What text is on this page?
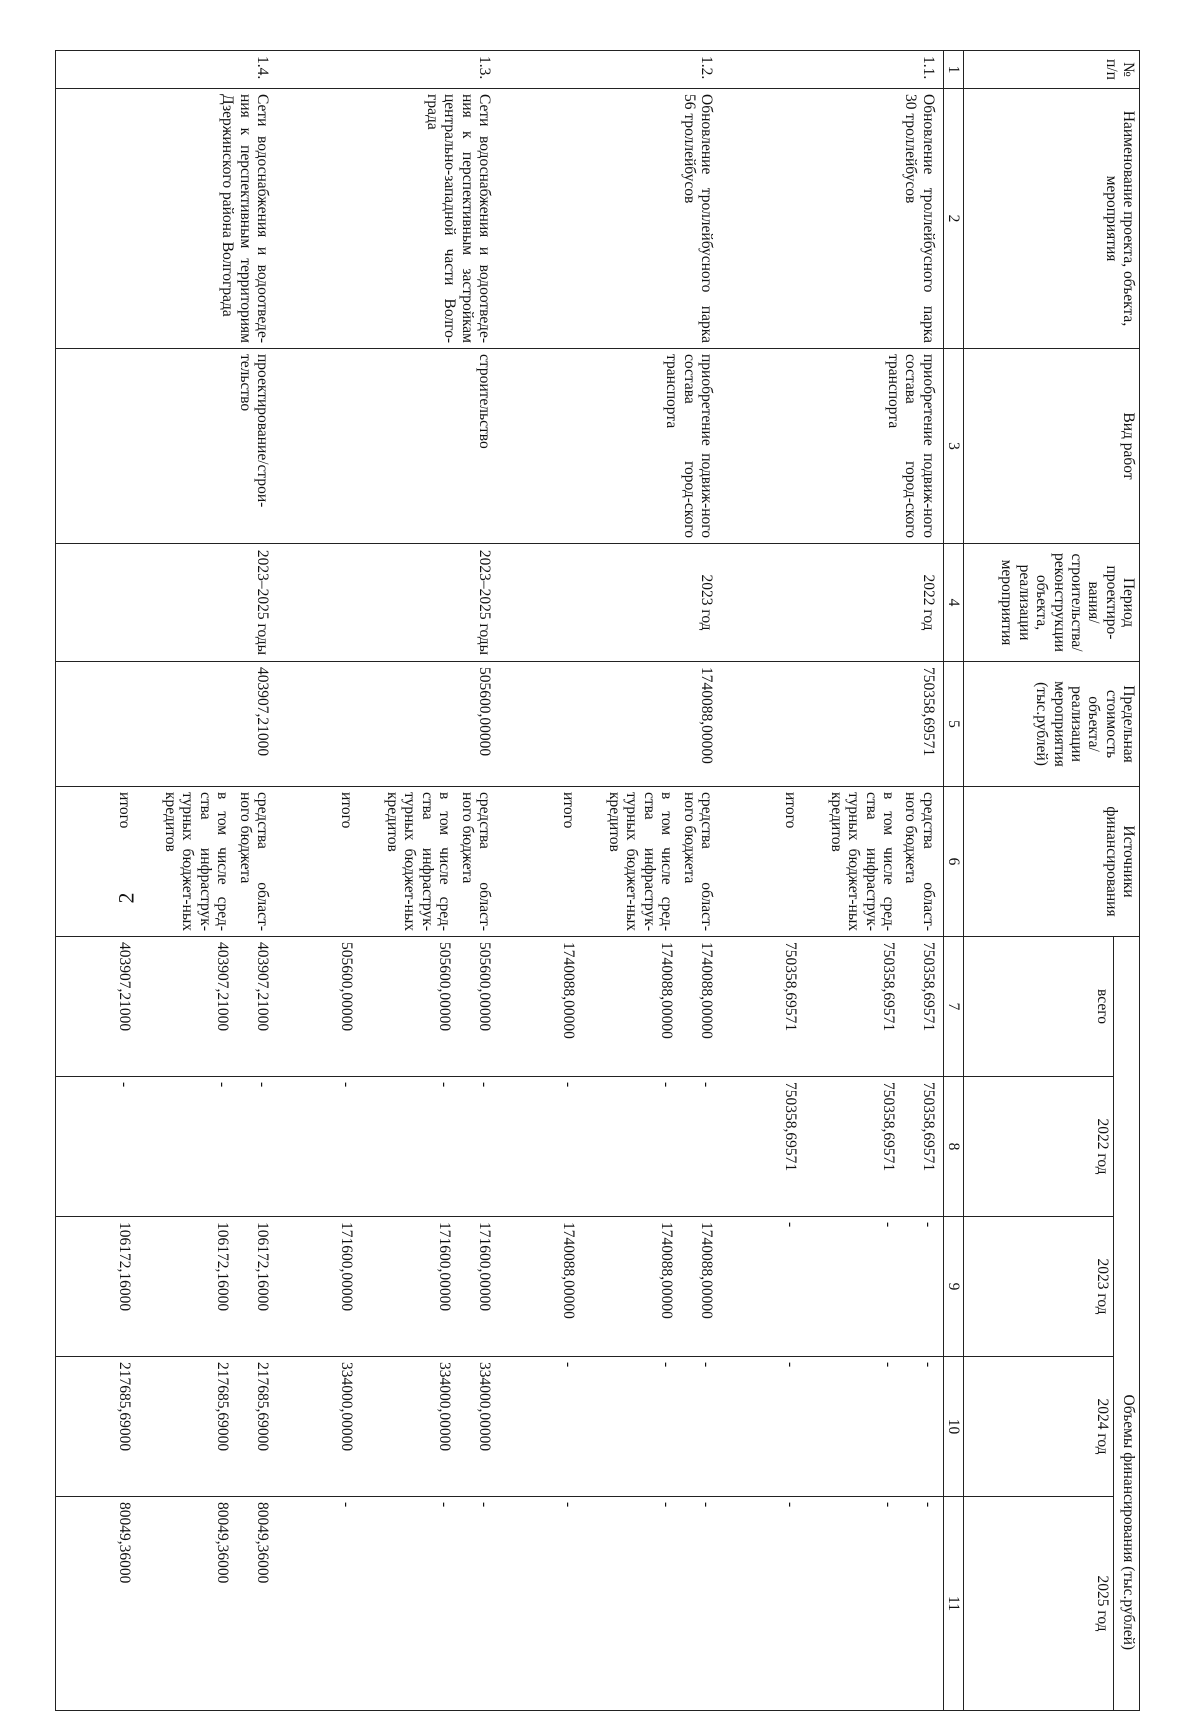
2
№ п/п	Наименование проекта, объекта, мероприятия	Вид работ	Период проектиро- вания/ строительства/ реконструкции объекта, реализации мероприятия	Предельная стоимость объекта/ реализации мероприятия (тыс.рублей)	Источники финансирования	Объемы финансирования (тыс.рублей)				
						всего	2022 год	2023 год	2024 год	2025 год
1	2	3	4	5	6	7	8	9	10	11
1.1.	Обновление троллейбусного парка 30 троллейбусов	приобретение подвиж-ного состава город-ского транспорта	2022 год	750358,69571	средства област-ного бюджета	750358,69571	750358,69571	-	-	-
					в том числе сред-ства инфраструк-турных бюджет-ных кредитов	750358,69571	750358,69571	-	-	-
					итого	750358,69571	750358,69571	-	-	-
1.2.	Обновление троллейбусного парка 56 троллейбусов	приобретение подвиж-ного состава город-ского транспорта	2023 год	1740088,00000	средства област-ного бюджета	1740088,00000	-	1740088,00000	-	-
					в том числе сред-ства инфраструк-турных бюджет-ных кредитов	1740088,00000	-	1740088,00000	-	-
					итого	1740088,00000	-	1740088,00000	-	-
1.3.	Сети водоснабжения и водоотведе-ния к перспективным застройкам центрально-западной части Волго-града	строительство	2023–2025 годы	505600,00000	средства област-ного бюджета	505600,00000	-	171600,00000	334000,00000	-
					в том числе сред-ства инфраструк-турных бюджет-ных кредитов	505600,00000	-	171600,00000	334000,00000	-
					итого	505600,00000	-	171600,00000	334000,00000	-
1.4.	Сети водоснабжения и водоотведе-ния к перспективным территориям Дзержинского района Волгограда	проектирование/строи-тельство	2023–2025 годы	403907,21000	средства област-ного бюджета	403907,21000	-	106172,16000	217685,69000	80049,36000
					в том числе сред-ства инфраструк-турных бюджет-ных кредитов	403907,21000	-	106172,16000	217685,69000	80049,36000
					итого	403907,21000	-	106172,16000	217685,69000	80049,36000
